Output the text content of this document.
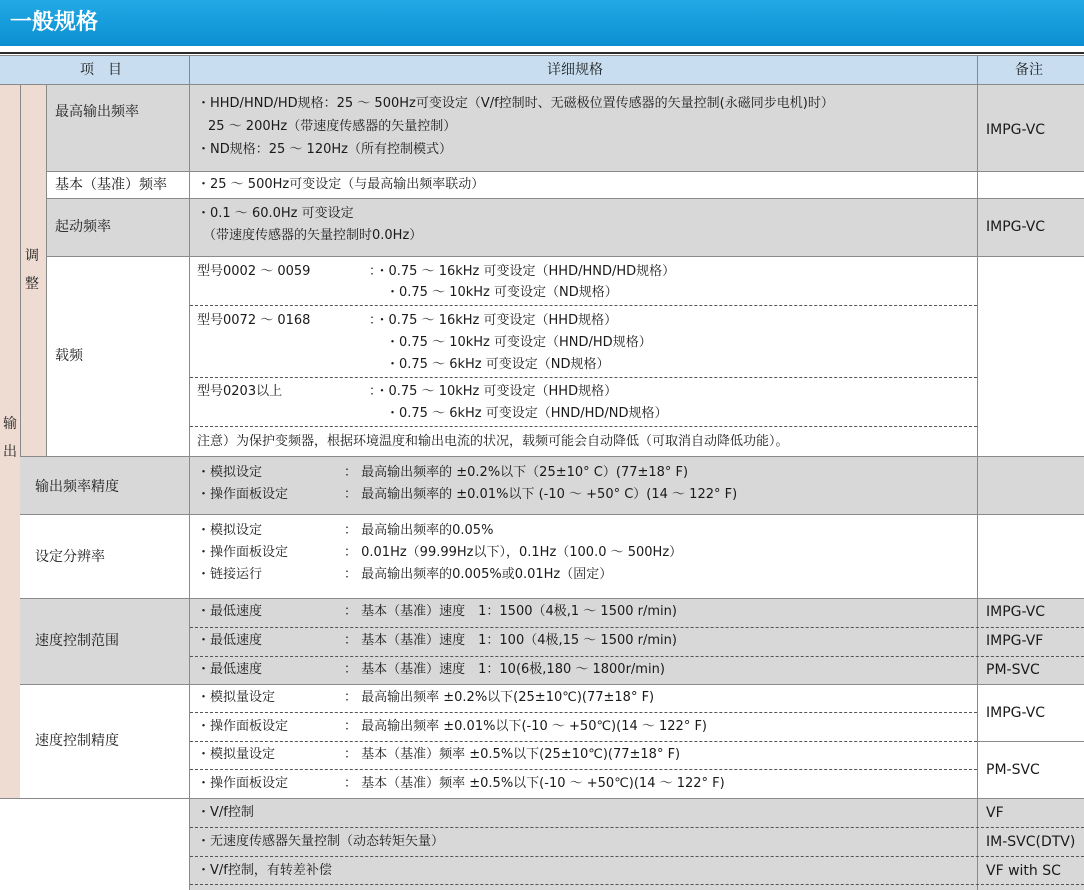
一般规格
项　目	详细规格	备注
输
出
调
整
最高输出频率
・HHD/HND/HD规格：25 ～ 500Hz可变设定（V/f控制时、无磁极位置传感器的矢量控制(永磁同步电机)时）
25 ～ 200Hz（带速度传感器的矢量控制）
・ND规格：25 ～ 120Hz（所有控制模式）
IMPG-VC
基本（基准）频率 ・25 ～ 500Hz可变设定（与最高输出频率联动）
起动频率
・0.1 ～ 60.0Hz 可变设定
（带速度传感器的矢量控制时0.0Hz）
IMPG-VC
载频
型号0002 ～ 0059	：・0.75 ～ 16kHz 可变设定（HHD/HND/HD规格）
・0.75 ～ 10kHz 可变设定（ND规格）
型号0072 ～ 0168	：・0.75 ～ 16kHz 可变设定（HHD规格）
・0.75 ～ 10kHz 可变设定（HND/HD规格）
・0.75 ～ 6kHz 可变设定（ND规格）
型号0203以上	：・0.75 ～ 10kHz 可变设定（HHD规格）
・0.75 ～ 6kHz 可变设定（HND/HD/ND规格）
注意）为保护变频器，根据环境温度和输出电流的状况，载频可能会自动降低（可取消自动降低功能）。
输出频率精度
・模拟设定	： 最高输出频率的 ±0.2%以下（25±10° C）(77±18° F)
・操作面板设定	： 最高输出频率的 ±0.01%以下 (-10 ～ +50° C）(14 ～ 122° F)
设定分辨率
・模拟设定	： 最高输出频率的0.05%
・操作面板设定	： 0.01Hz（99.99Hz以下），0.1Hz（100.0 ～ 500Hz）
・链接运行	： 最高输出频率的0.005%或0.01Hz（固定）
速度控制范围
・最低速度	： 基本（基准）速度　1：1500（4极,1 ～ 1500 r/min)	IMPG-VC
・最低速度	： 基本（基准）速度　1：100（4极,15 ～ 1500 r/min)	IMPG-VF
・最低速度	： 基本（基准）速度　1：10(6极,180 ～ 1800r/min)	PM-SVC
速度控制精度
・模拟量设定	： 最高输出频率 ±0.2%以下(25±10℃)(77±18° F)
・操作面板设定	： 最高输出频率 ±0.01%以下(-10 ～ +50℃)(14 ～ 122° F)
・模拟量设定	： 基本（基准）频率 ±0.5%以下(25±10℃)(77±18° F)
・操作面板设定	： 基本（基准）频率 ±0.5%以下(-10 ～ +50℃)(14 ～ 122° F)
IMPG-VC
PM-SVC
・V/f控制	VF
・无速度传感器矢量控制（动态转矩矢量）	IM-SVC(DTV)
・V/f控制，有转差补偿	VF with SC
